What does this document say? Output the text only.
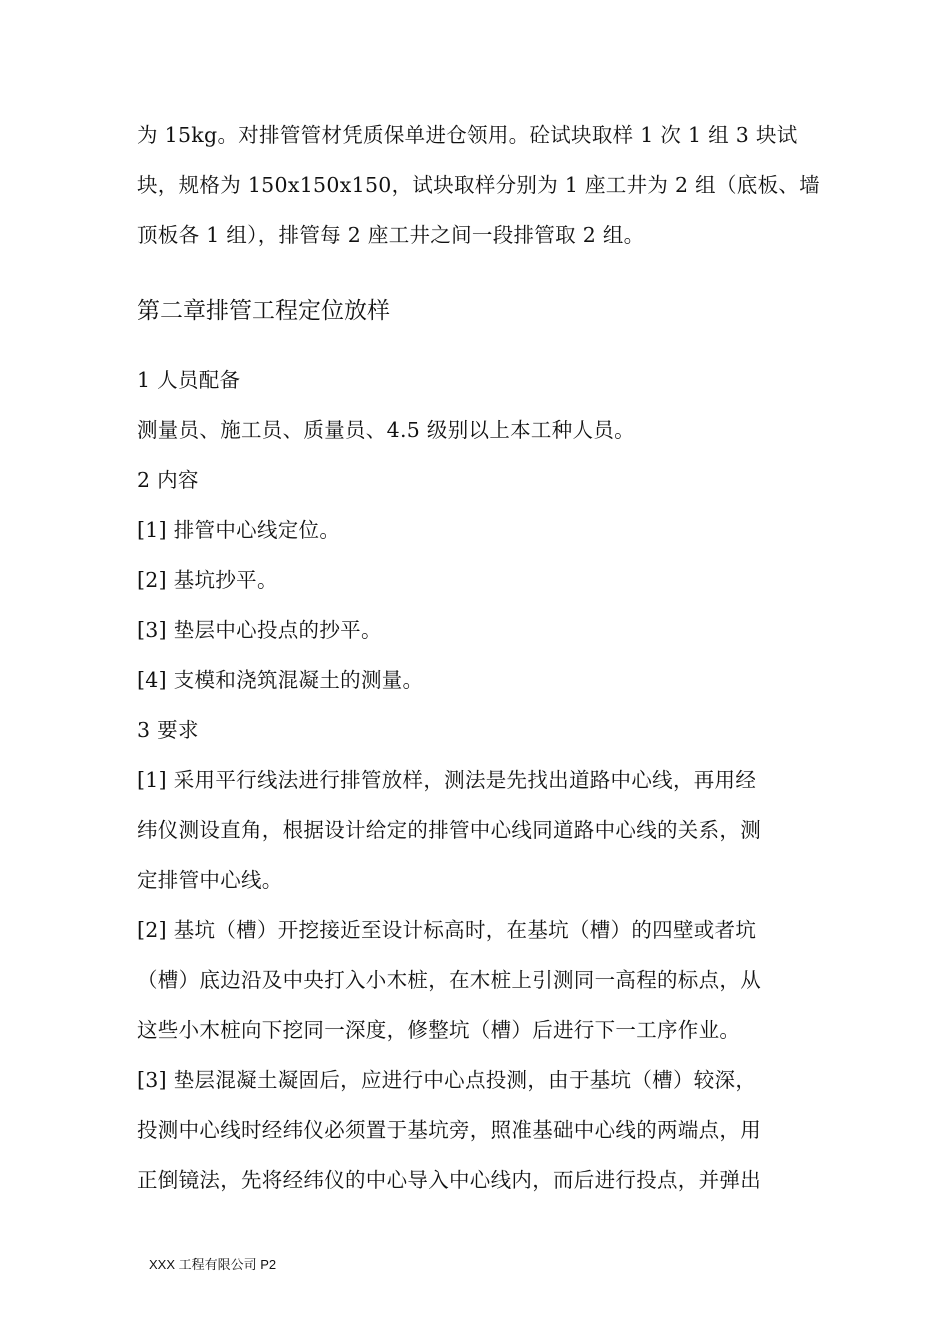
为 15kg。对排管管材凭质保单进仓领用。砼试块取样 1 次 1 组 3 块试
块，规格为 150x150x150，试块取样分别为 1 座工井为 2 组（底板、墙
顶板各 1 组），排管每 2 座工井之间一段排管取 2 组。
第二章排管工程定位放样
1 人员配备
测量员、施工员、质量员、4.5 级别以上本工种人员。
2 内容
[1] 排管中心线定位。
[2] 基坑抄平。
[3] 垫层中心投点的抄平。
[4] 支模和浇筑混凝土的测量。
3 要求
[1] 采用平行线法进行排管放样，测法是先找出道路中心线，再用经
纬仪测设直角，根据设计给定的排管中心线同道路中心线的关系，测
定排管中心线。
[2] 基坑（槽）开挖接近至设计标高时，在基坑（槽）的四壁或者坑
（槽）底边沿及中央打入小木桩，在木桩上引测同一高程的标点，从
这些小木桩向下挖同一深度，修整坑（槽）后进行下一工序作业。
[3] 垫层混凝土凝固后，应进行中心点投测，由于基坑（槽）较深，
投测中心线时经纬仪必须置于基坑旁，照准基础中心线的两端点，用
正倒镜法，先将经纬仪的中心导入中心线内，而后进行投点，并弹出
XXX 工程有限公司 P2
